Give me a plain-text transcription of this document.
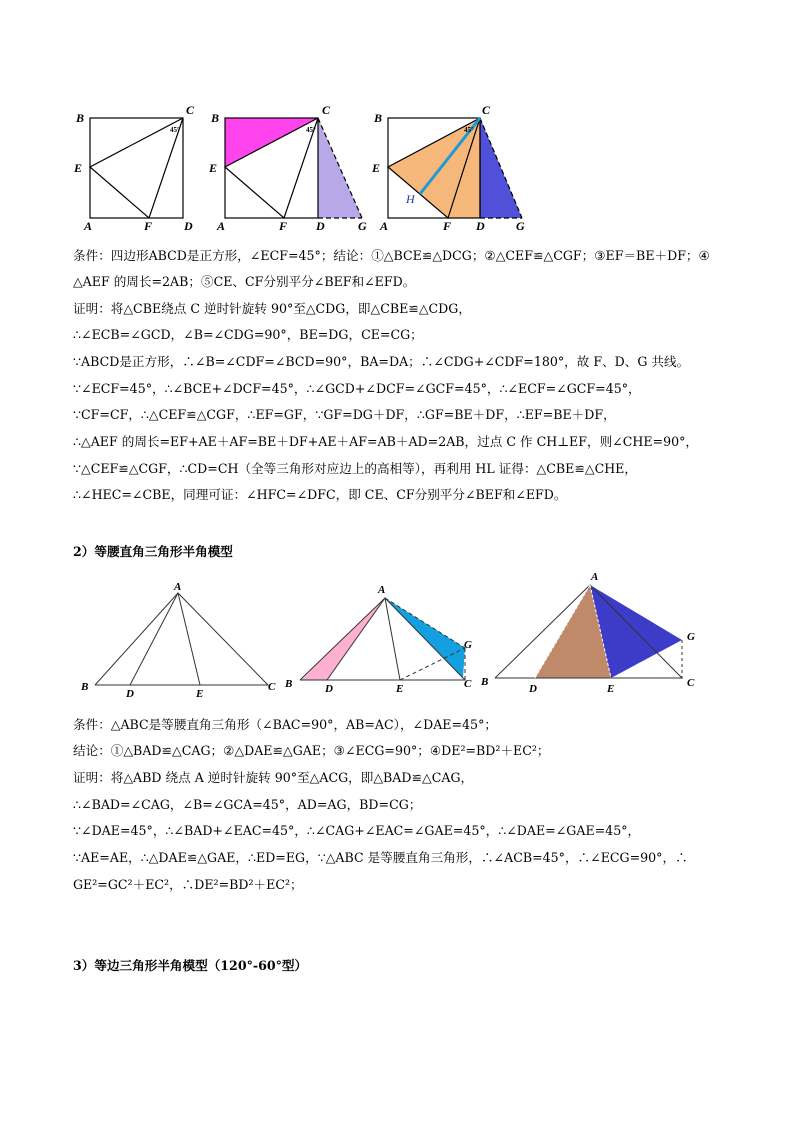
B
C
E
A	F	D
45°
B
C
E
A	F D	G
45°
B
C
E
H
A	F D	G
45°
条件：四边形ABCD是正方形，∠ECF=45°；结论：①△BCE≌△DCG；②△CEF≌△CGF；③EF＝BE＋DF；④
△AEF 的周长=2AB；⑤CE、CF分别平分∠BEF和∠EFD。
证明：将△CBE绕点 C 逆时针旋转 90°至△CDG，即△CBE≌△CDG，
∴∠ECB=∠GCD，∠B=∠CDG=90°，BE=DG，CE=CG；
∵ABCD是正方形，∴∠B=∠CDF=∠BCD=90°，BA=DA；∴∠CDG+∠CDF=180°，故 F、D、G 共线。
∵∠ECF=45°，∴∠BCE+∠DCF=45°，∴∠GCD+∠DCF=∠GCF=45°，∴∠ECF=∠GCF=45°，
∵CF=CF，∴△CEF≌△CGF，∴EF=GF，∵GF=DG＋DF，∴GF=BE＋DF，∴EF=BE＋DF，
∴△AEF 的周长=EF+AE＋AF=BE＋DF+AE＋AF=AB＋AD=2AB，过点 C 作 CH⊥EF，则∠CHE=90°，
∵△CEF≌△CGF，∴CD=CH（全等三角形对应边上的高相等），再利用 HL 证得：△CBE≌△CHE，
∴∠HEC=∠CBE，同理可证：∠HFC=∠DFC，即 CE、CF分别平分∠BEF和∠EFD。
2）等腰直角三角形半角模型
A
B
D	E
C
A
B	D	E	C
G
A
B
D	E	C
G
条件：△ABC是等腰直角三角形（∠BAC=90°，AB=AC），∠DAE=45°；
结论：①△BAD≌△CAG；②△DAE≌△GAE；③∠ECG=90°；④DE²=BD²＋EC²；
证明：将△ABD 绕点 A 逆时针旋转 90°至△ACG，即△BAD≌△CAG，
∴∠BAD=∠CAG，∠B=∠GCA=45°，AD=AG，BD=CG；
∵∠DAE=45°，∴∠BAD+∠EAC=45°，∴∠CAG+∠EAC=∠GAE=45°，∴∠DAE=∠GAE=45°，
∵AE=AE，∴△DAE≌△GAE，∴ED=EG，∵△ABC 是等腰直角三角形，∴∠ACB=45°，∴∠ECG=90°，∴
GE²=GC²＋EC²，∴DE²=BD²＋EC²；
3）等边三角形半角模型（120°-60°型）
